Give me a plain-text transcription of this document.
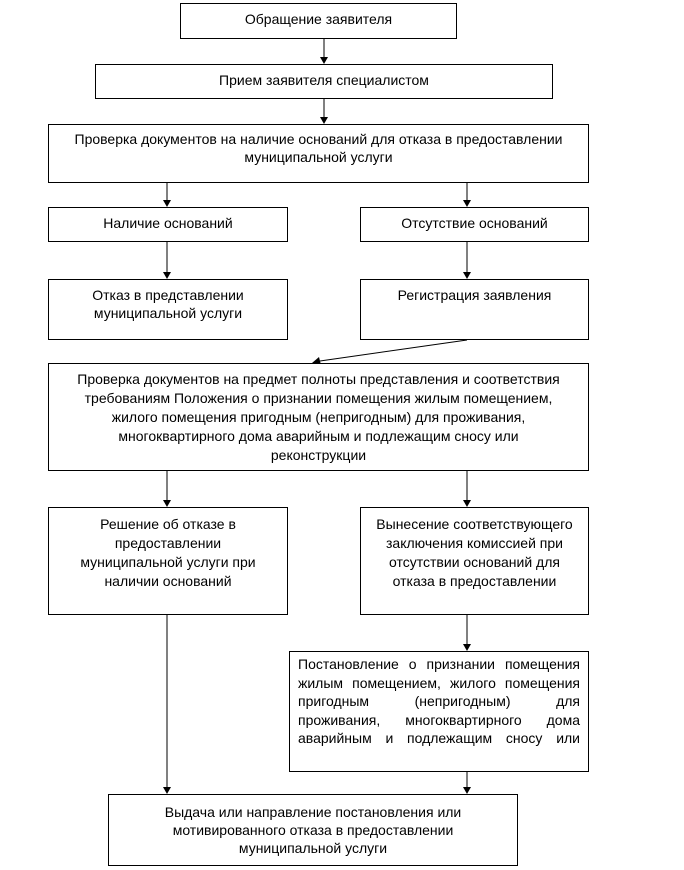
Обращение заявителя
Прием заявителя специалистом
Проверка документов на наличие оснований для отказа в предоставлении муниципальной услуги
Наличие оснований	Отсутствие оснований
Отказ в представлении муниципальной услуги
Регистрация заявления
Проверка документов на предмет полноты представления и соответствия требованиям Положения о признании помещения жилым помещением, жилого помещения пригодным (непригодным) для проживания, многоквартирного дома аварийным и подлежащим сносу или реконструкции
Решение об отказе в предоставлении муниципальной услуги при наличии оснований
Вынесение соответствующего заключения комиссией при отсутствии оснований для отказа в предоставлении
Постановление о признании помещения жилым помещением, жилого помещения пригодным (непригодным) для проживания, многоквартирного дома аварийным и подлежащим сносу или
Выдача или направление постановления или мотивированного отказа в предоставлении муниципальной услуги
